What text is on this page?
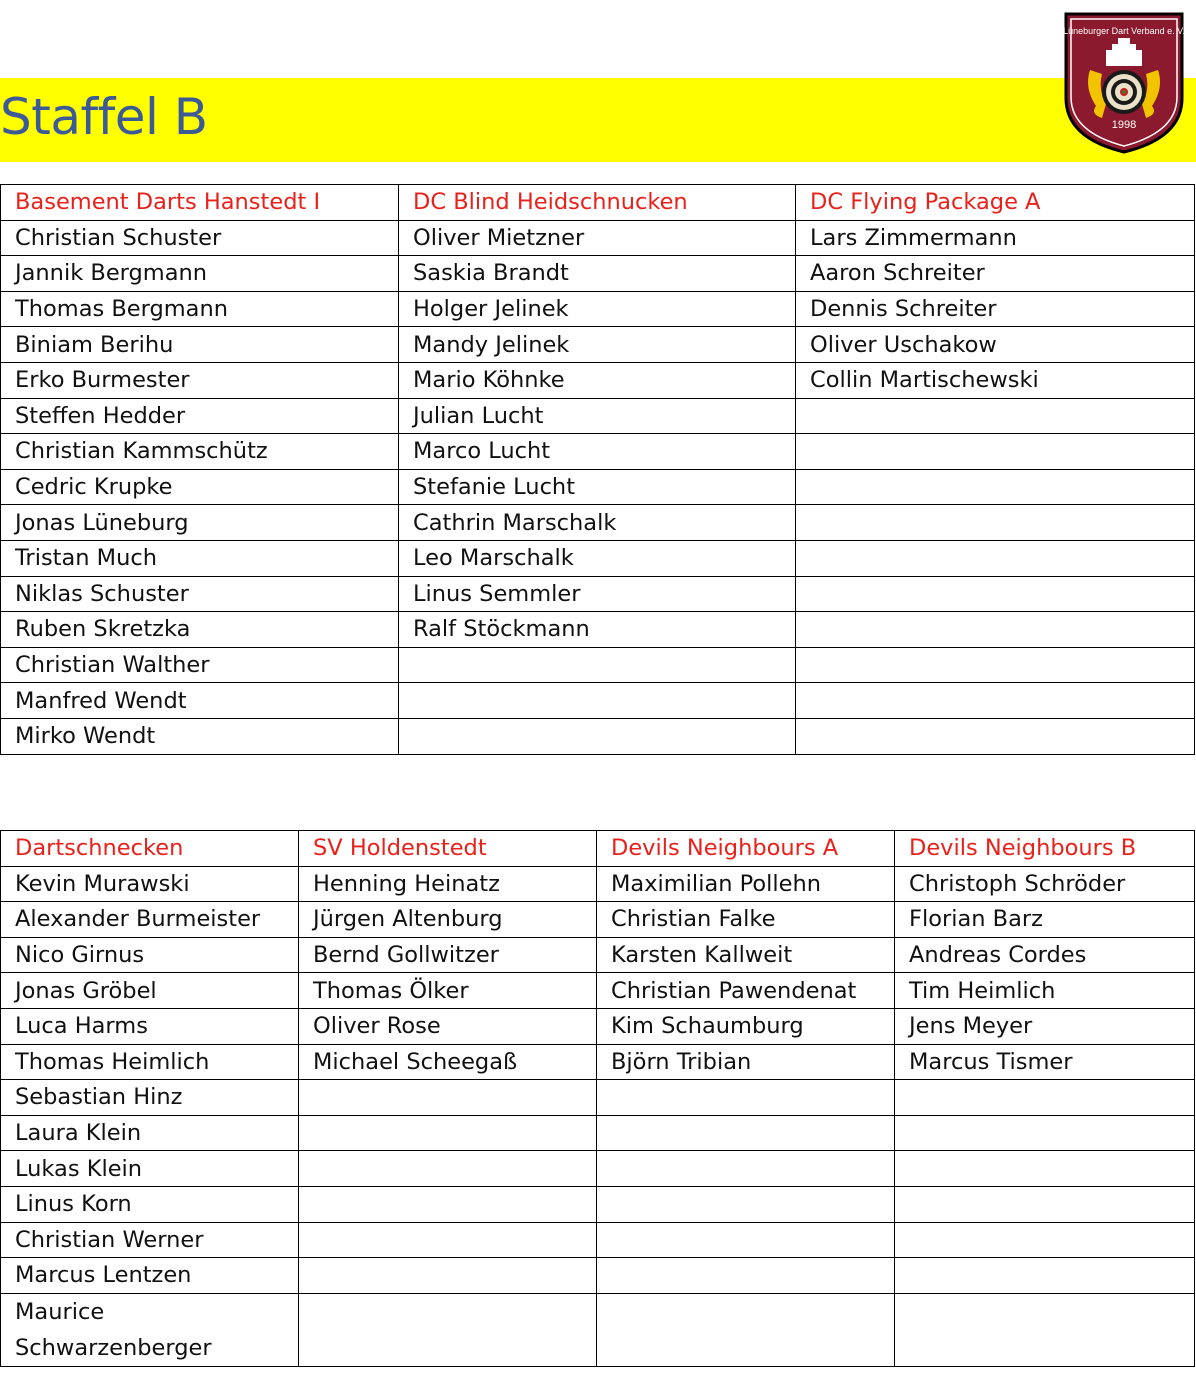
Staffel B
Lüneburger Dart Verband e. V.
1998
Basement Darts Hanstedt I	DC Blind Heidschnucken	DC Flying Package A
Christian Schuster	Oliver Mietzner	Lars Zimmermann
Jannik Bergmann	Saskia Brandt	Aaron Schreiter
Thomas Bergmann	Holger Jelinek	Dennis Schreiter
Biniam Berihu	Mandy Jelinek	Oliver Uschakow
Erko Burmester	Mario Köhnke	Collin Martischewski
Steffen Hedder	Julian Lucht	
Christian Kammschütz	Marco Lucht	
Cedric Krupke	Stefanie Lucht	
Jonas Lüneburg	Cathrin Marschalk	
Tristan Much	Leo Marschalk	
Niklas Schuster	Linus Semmler	
Ruben Skretzka	Ralf Stöckmann	
Christian Walther		
Manfred Wendt		
Mirko Wendt		
Dartschnecken	SV Holdenstedt	Devils Neighbours A	Devils Neighbours B
Kevin Murawski	Henning Heinatz	Maximilian Pollehn	Christoph Schröder
Alexander Burmeister	Jürgen Altenburg	Christian Falke	Florian Barz
Nico Girnus	Bernd Gollwitzer	Karsten Kallweit	Andreas Cordes
Jonas Gröbel	Thomas Ölker	Christian Pawendenat	Tim Heimlich
Luca Harms	Oliver Rose	Kim Schaumburg	Jens Meyer
Thomas Heimlich	Michael Scheegaß	Björn Tribian	Marcus Tismer
Sebastian Hinz			
Laura Klein			
Lukas Klein			
Linus Korn			
Christian Werner			
Marcus Lentzen			
Maurice Schwarzenberger			
